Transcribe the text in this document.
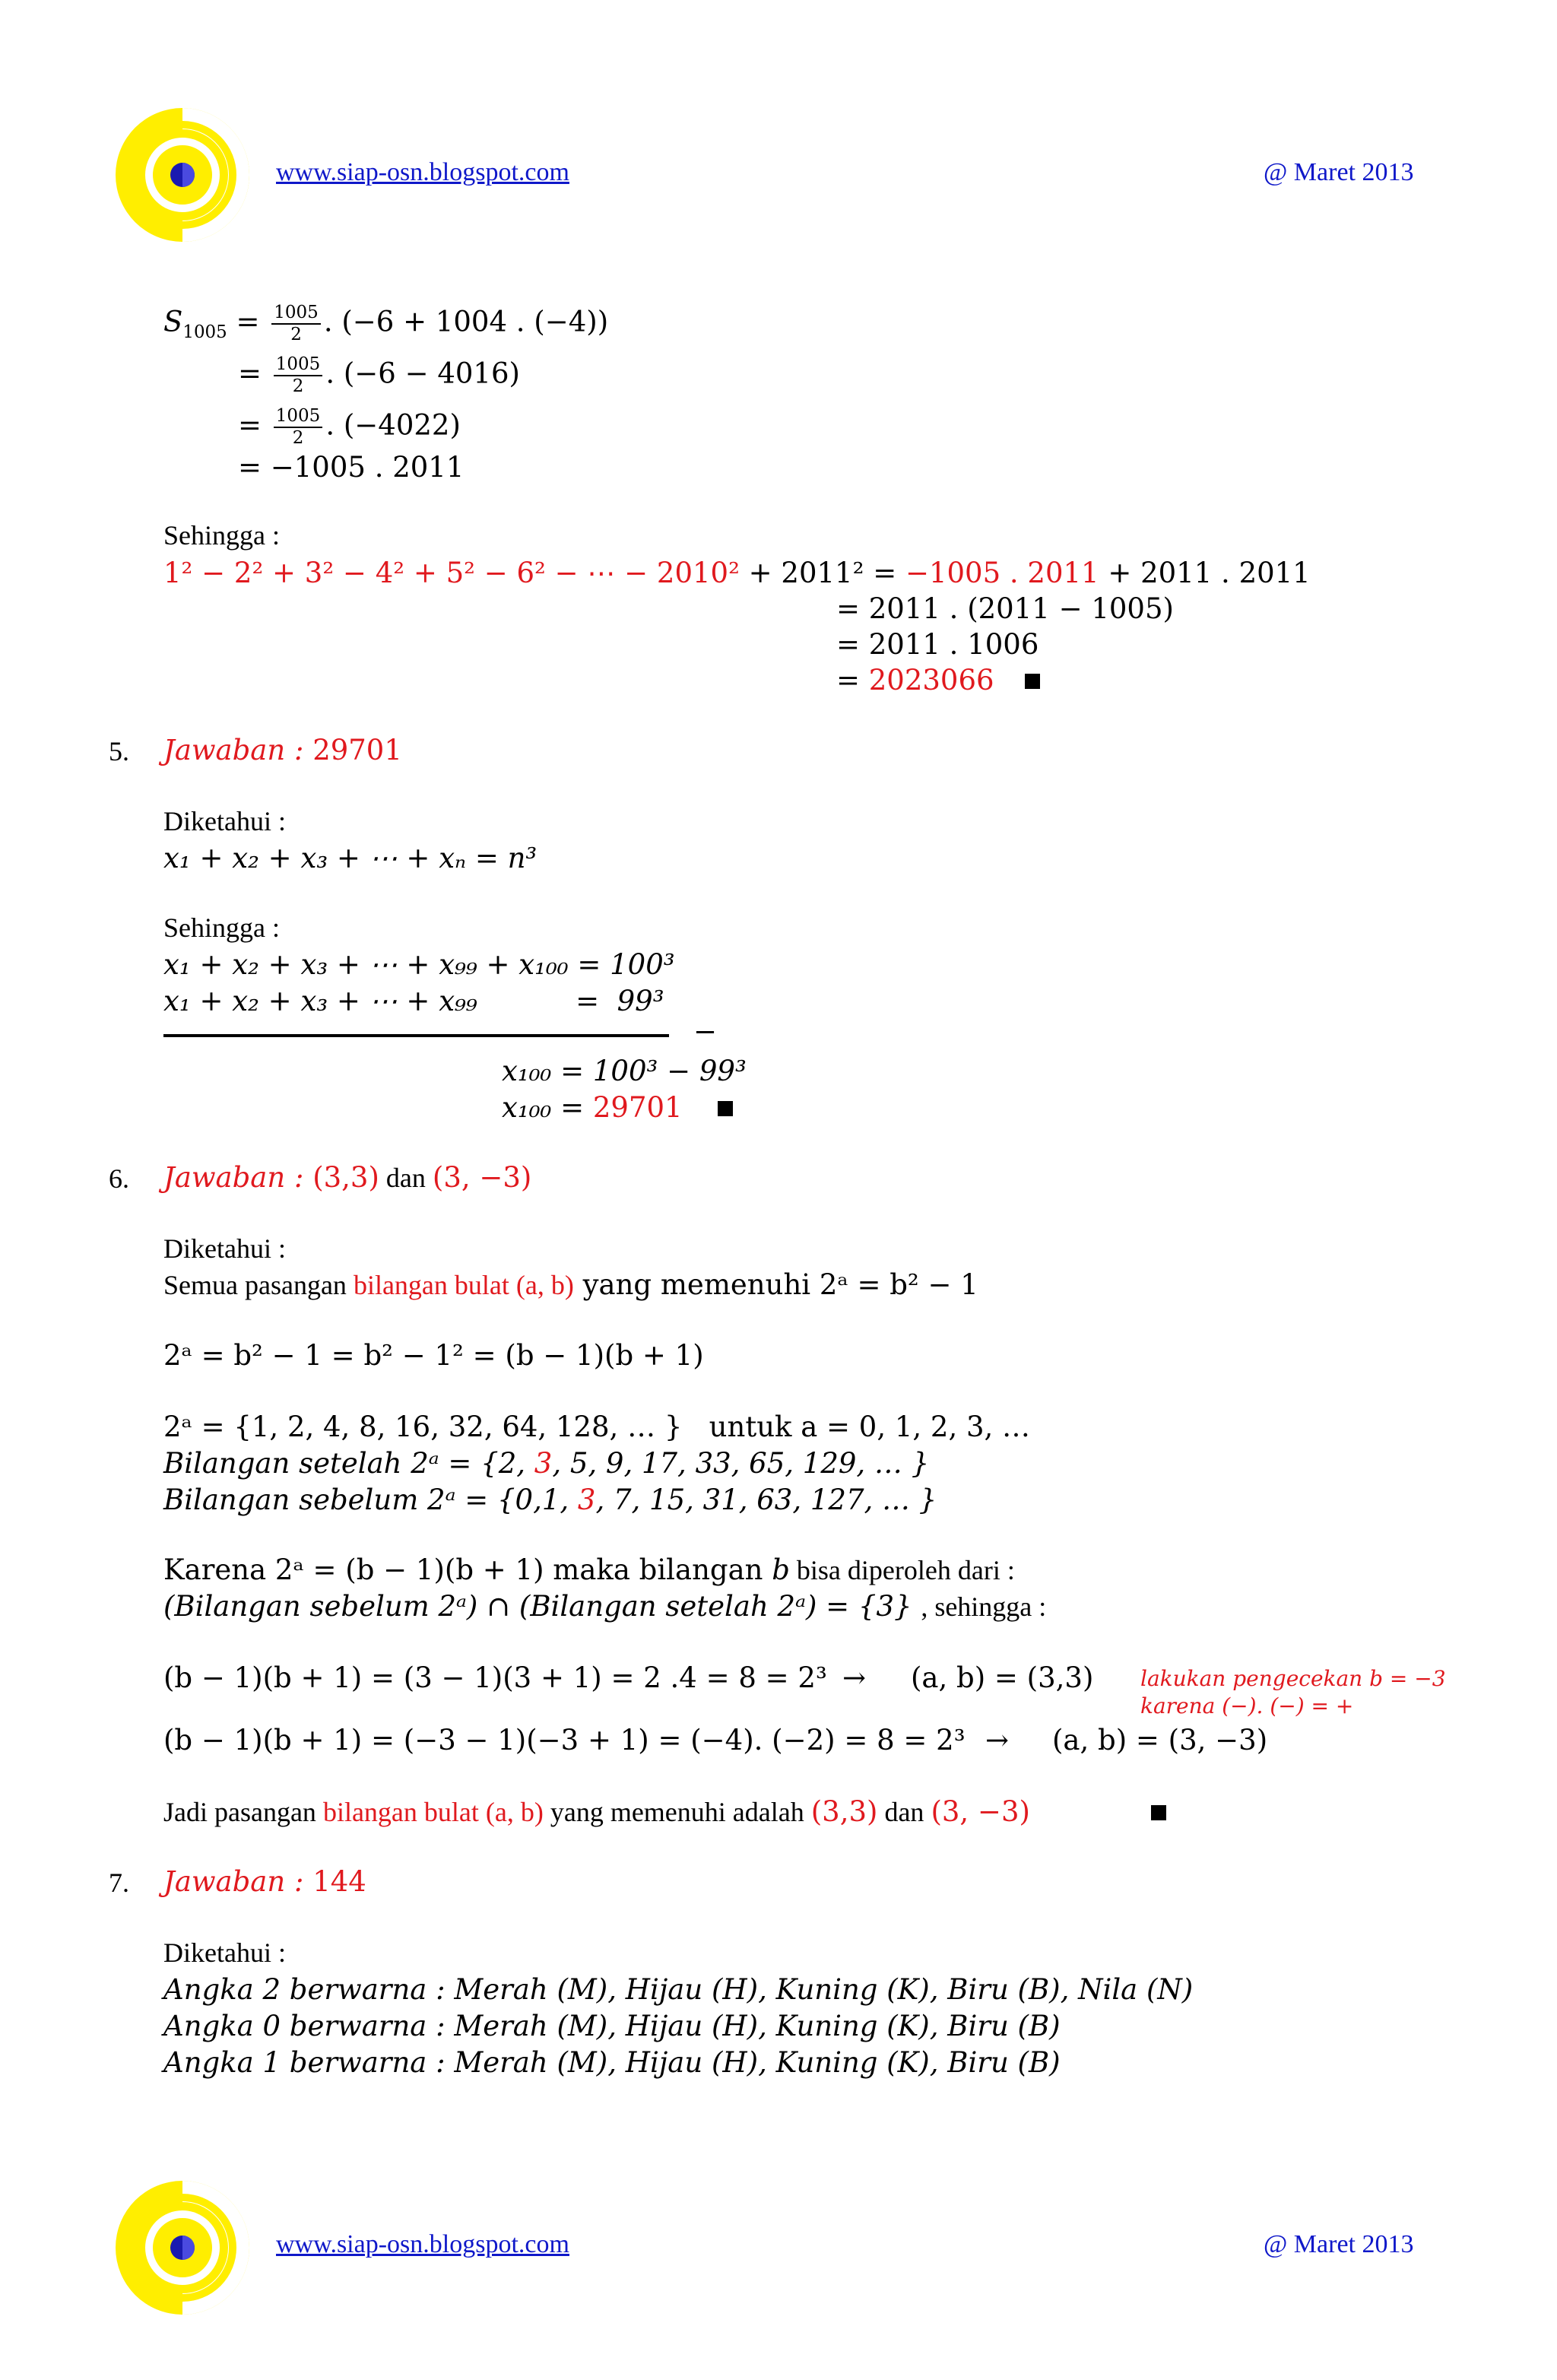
www.siap-osn.blogspot.com	@ Maret 2013
$S_{1005} = \frac{1005}{2}$ . (−6 + 1004 . (−4))
= $\frac{1005}{2}$ . (−6 − 4016)
= $\frac{1005}{2}$ . (−4022)
= −1005 . 2011
Sehingga :
1² − 2² + 3² − 4² + 5² − 6² − ⋯ − 2010² + 2011² = −1005 . 2011 + 2011 . 2011
= 2011 . (2011 − 1005)
= 2011 . 1006
= 2023066
5. Jawaban : 29701
Diketahui :
x₁ + x₂ + x₃ + ⋯ + xₙ = n³
Sehingga :
x₁ + x₂ + x₃ + ⋯ + x₉₉ + x₁₀₀ = 100³
x₁ + x₂ + x₃ + ⋯ + x₉₉           =  99³
−
x₁₀₀ = 100³ − 99³
x₁₀₀ = 29701
6. Jawaban : (3,3) dan (3, −3)
Diketahui :
Semua pasangan bilangan bulat (a, b) yang memenuhi 2ᵃ = b² − 1
2ᵃ = b² − 1 = b² − 1² = (b − 1)(b + 1)
2ᵃ = {1, 2, 4, 8, 16, 32, 64, 128, … }   untuk a = 0, 1, 2, 3, …
Bilangan setelah 2ᵃ = {2, 3, 5, 9, 17, 33, 65, 129, … }
Bilangan sebelum 2ᵃ = {0,1, 3, 7, 15, 31, 63, 127, … }
Karena 2ᵃ = (b − 1)(b + 1) maka bilangan b bisa diperoleh dari :
(Bilangan sebelum 2ᵃ) ∩ (Bilangan setelah 2ᵃ) = {3} , sehingga :
(b − 1)(b + 1) = (3 − 1)(3 + 1) = 2 .4 = 8 = 2³ → (a, b) = (3,3) lakukan pengecekan b = −3
karena (−). (−) = +
(b − 1)(b + 1) = (−3 − 1)(−3 + 1) = (−4). (−2) = 8 = 2³ → (a, b) = (3, −3)
Jadi pasangan bilangan bulat (a, b) yang memenuhi adalah (3,3) dan (3, −3)
7. Jawaban : 144
Diketahui :
Angka 2 berwarna : Merah (M), Hijau (H), Kuning (K), Biru (B), Nila (N)
Angka 0 berwarna : Merah (M), Hijau (H), Kuning (K), Biru (B)
Angka 1 berwarna : Merah (M), Hijau (H), Kuning (K), Biru (B)
www.siap-osn.blogspot.com	@ Maret 2013
